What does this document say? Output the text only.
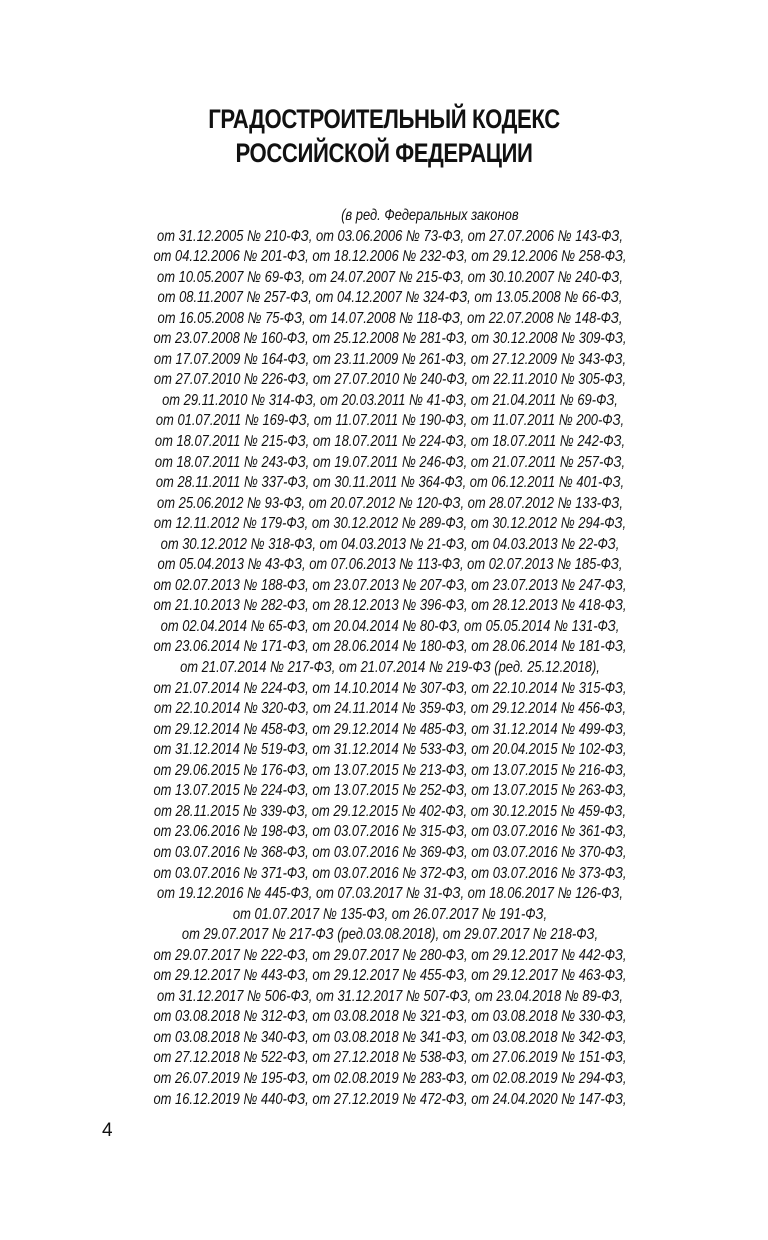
ГРАДОСТРОИТЕЛЬНЫЙ КОДЕКС
РОССИЙСКОЙ ФЕДЕРАЦИИ
(в ред. Федеральных законов
от 31.12.2005 № 210-ФЗ, от 03.06.2006 № 73-ФЗ, от 27.07.2006 № 143-ФЗ,
от 04.12.2006 № 201-ФЗ, от 18.12.2006 № 232-ФЗ, от 29.12.2006 № 258-ФЗ,
от 10.05.2007 № 69-ФЗ, от 24.07.2007 № 215-ФЗ, от 30.10.2007 № 240-ФЗ,
от 08.11.2007 № 257-ФЗ, от 04.12.2007 № 324-ФЗ, от 13.05.2008 № 66-ФЗ,
от 16.05.2008 № 75-ФЗ, от 14.07.2008 № 118-ФЗ, от 22.07.2008 № 148-ФЗ,
от 23.07.2008 № 160-ФЗ, от 25.12.2008 № 281-ФЗ, от 30.12.2008 № 309-ФЗ,
от 17.07.2009 № 164-ФЗ, от 23.11.2009 № 261-ФЗ, от 27.12.2009 № 343-ФЗ,
от 27.07.2010 № 226-ФЗ, от 27.07.2010 № 240-ФЗ, от 22.11.2010 № 305-ФЗ,
от 29.11.2010 № 314-ФЗ, от 20.03.2011 № 41-ФЗ, от 21.04.2011 № 69-ФЗ,
от 01.07.2011 № 169-ФЗ, от 11.07.2011 № 190-ФЗ, от 11.07.2011 № 200-ФЗ,
от 18.07.2011 № 215-ФЗ, от 18.07.2011 № 224-ФЗ, от 18.07.2011 № 242-ФЗ,
от 18.07.2011 № 243-ФЗ, от 19.07.2011 № 246-ФЗ, от 21.07.2011 № 257-ФЗ,
от 28.11.2011 № 337-ФЗ, от 30.11.2011 № 364-ФЗ, от 06.12.2011 № 401-ФЗ,
от 25.06.2012 № 93-ФЗ, от 20.07.2012 № 120-ФЗ, от 28.07.2012 № 133-ФЗ,
от 12.11.2012 № 179-ФЗ, от 30.12.2012 № 289-ФЗ, от 30.12.2012 № 294-ФЗ,
от 30.12.2012 № 318-ФЗ, от 04.03.2013 № 21-ФЗ, от 04.03.2013 № 22-ФЗ,
от 05.04.2013 № 43-ФЗ, от 07.06.2013 № 113-ФЗ, от 02.07.2013 № 185-ФЗ,
от 02.07.2013 № 188-ФЗ, от 23.07.2013 № 207-ФЗ, от 23.07.2013 № 247-ФЗ,
от 21.10.2013 № 282-ФЗ, от 28.12.2013 № 396-ФЗ, от 28.12.2013 № 418-ФЗ,
от 02.04.2014 № 65-ФЗ, от 20.04.2014 № 80-ФЗ, от 05.05.2014 № 131-ФЗ,
от 23.06.2014 № 171-ФЗ, от 28.06.2014 № 180-ФЗ, от 28.06.2014 № 181-ФЗ,
от 21.07.2014 № 217-ФЗ, от 21.07.2014 № 219-ФЗ (ред. 25.12.2018),
от 21.07.2014 № 224-ФЗ, от 14.10.2014 № 307-ФЗ, от 22.10.2014 № 315-ФЗ,
от 22.10.2014 № 320-ФЗ, от 24.11.2014 № 359-ФЗ, от 29.12.2014 № 456-ФЗ,
от 29.12.2014 № 458-ФЗ, от 29.12.2014 № 485-ФЗ, от 31.12.2014 № 499-ФЗ,
от 31.12.2014 № 519-ФЗ, от 31.12.2014 № 533-ФЗ, от 20.04.2015 № 102-ФЗ,
от 29.06.2015 № 176-ФЗ, от 13.07.2015 № 213-ФЗ, от 13.07.2015 № 216-ФЗ,
от 13.07.2015 № 224-ФЗ, от 13.07.2015 № 252-ФЗ, от 13.07.2015 № 263-ФЗ,
от 28.11.2015 № 339-ФЗ, от 29.12.2015 № 402-ФЗ, от 30.12.2015 № 459-ФЗ,
от 23.06.2016 № 198-ФЗ, от 03.07.2016 № 315-ФЗ, от 03.07.2016 № 361-ФЗ,
от 03.07.2016 № 368-ФЗ, от 03.07.2016 № 369-ФЗ, от 03.07.2016 № 370-ФЗ,
от 03.07.2016 № 371-ФЗ, от 03.07.2016 № 372-ФЗ, от 03.07.2016 № 373-ФЗ,
от 19.12.2016 № 445-ФЗ, от 07.03.2017 № 31-ФЗ, от 18.06.2017 № 126-ФЗ,
от 01.07.2017 № 135-ФЗ, от 26.07.2017 № 191-ФЗ,
от 29.07.2017 № 217-ФЗ (ред.03.08.2018), от 29.07.2017 № 218-ФЗ,
от 29.07.2017 № 222-ФЗ, от 29.07.2017 № 280-ФЗ, от 29.12.2017 № 442-ФЗ,
от 29.12.2017 № 443-ФЗ, от 29.12.2017 № 455-ФЗ, от 29.12.2017 № 463-ФЗ,
от 31.12.2017 № 506-ФЗ, от 31.12.2017 № 507-ФЗ, от 23.04.2018 № 89-ФЗ,
от 03.08.2018 № 312-ФЗ, от 03.08.2018 № 321-ФЗ, от 03.08.2018 № 330-ФЗ,
от 03.08.2018 № 340-ФЗ, от 03.08.2018 № 341-ФЗ, от 03.08.2018 № 342-ФЗ,
от 27.12.2018 № 522-ФЗ, от 27.12.2018 № 538-ФЗ, от 27.06.2019 № 151-ФЗ,
от 26.07.2019 № 195-ФЗ, от 02.08.2019 № 283-ФЗ, от 02.08.2019 № 294-ФЗ,
от 16.12.2019 № 440-ФЗ, от 27.12.2019 № 472-ФЗ, от 24.04.2020 № 147-ФЗ,
4
